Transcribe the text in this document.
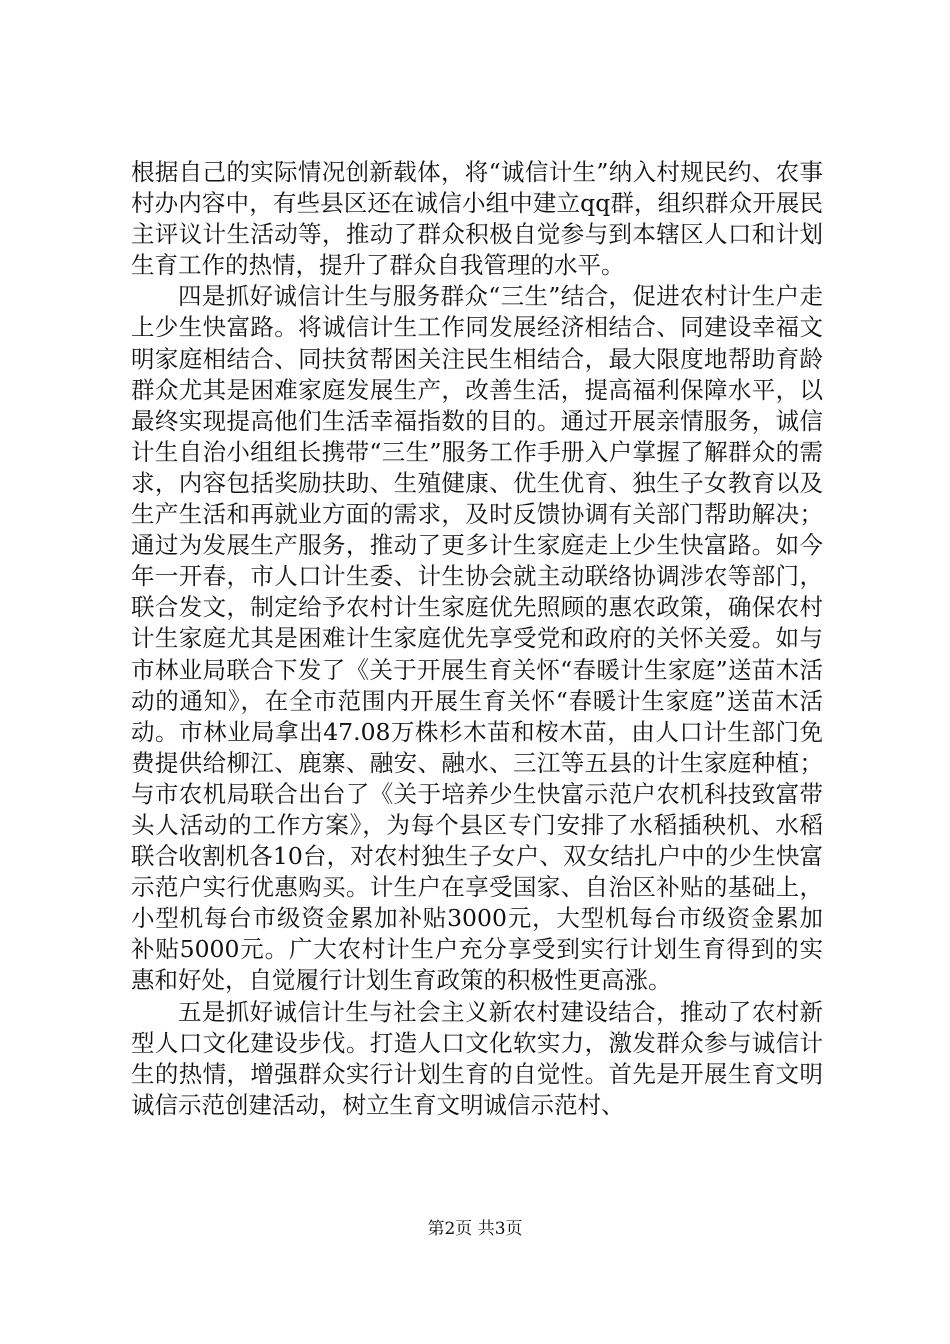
根据自己的实际情况创新载体，将“诚信计生”纳入村规民约、农事村办内容中，有些县区还在诚信小组中建立qq群，组织群众开展民主评议计生活动等，推动了群众积极自觉参与到本辖区人口和计划生育工作的热情，提升了群众自我管理的水平。

四是抓好诚信计生与服务群众“三生”结合，促进农村计生户走上少生快富路。将诚信计生工作同发展经济相结合、同建设幸福文明家庭相结合、同扶贫帮困关注民生相结合，最大限度地帮助育龄群众尤其是困难家庭发展生产，改善生活，提高福利保障水平，以最终实现提高他们生活幸福指数的目的。通过开展亲情服务，诚信计生自治小组组长携带“三生”服务工作手册入户掌握了解群众的需求，内容包括奖励扶助、生殖健康、优生优育、独生子女教育以及生产生活和再就业方面的需求，及时反馈协调有关部门帮助解决；通过为发展生产服务，推动了更多计生家庭走上少生快富路。如今年一开春，市人口计生委、计生协会就主动联络协调涉农等部门，联合发文，制定给予农村计生家庭优先照顾的惠农政策，确保农村计生家庭尤其是困难计生家庭优先享受党和政府的关怀关爱。如与市林业局联合下发了《关于开展生育关怀“春暖计生家庭”送苗木活动的通知》，在全市范围内开展生育关怀“春暖计生家庭”送苗木活动。市林业局拿出47.08万株杉木苗和桉木苗，由人口计生部门免费提供给柳江、鹿寨、融安、融水、三江等五县的计生家庭种植；与市农机局联合出台了《关于培养少生快富示范户农机科技致富带头人活动的工作方案》，为每个县区专门安排了水稻插秧机、水稻联合收割机各10台，对农村独生子女户、双女结扎户中的少生快富示范户实行优惠购买。计生户在享受国家、自治区补贴的基础上，小型机每台市级资金累加补贴3000元，大型机每台市级资金累加补贴5000元。广大农村计生户充分享受到实行计划生育得到的实惠和好处，自觉履行计划生育政策的积极性更高涨。

五是抓好诚信计生与社会主义新农村建设结合，推动了农村新型人口文化建设步伐。打造人口文化软实力，激发群众参与诚信计生的热情，增强群众实行计划生育的自觉性。首先是开展生育文明诚信示范创建活动，树立生育文明诚信示范村、

第2页 共3页
